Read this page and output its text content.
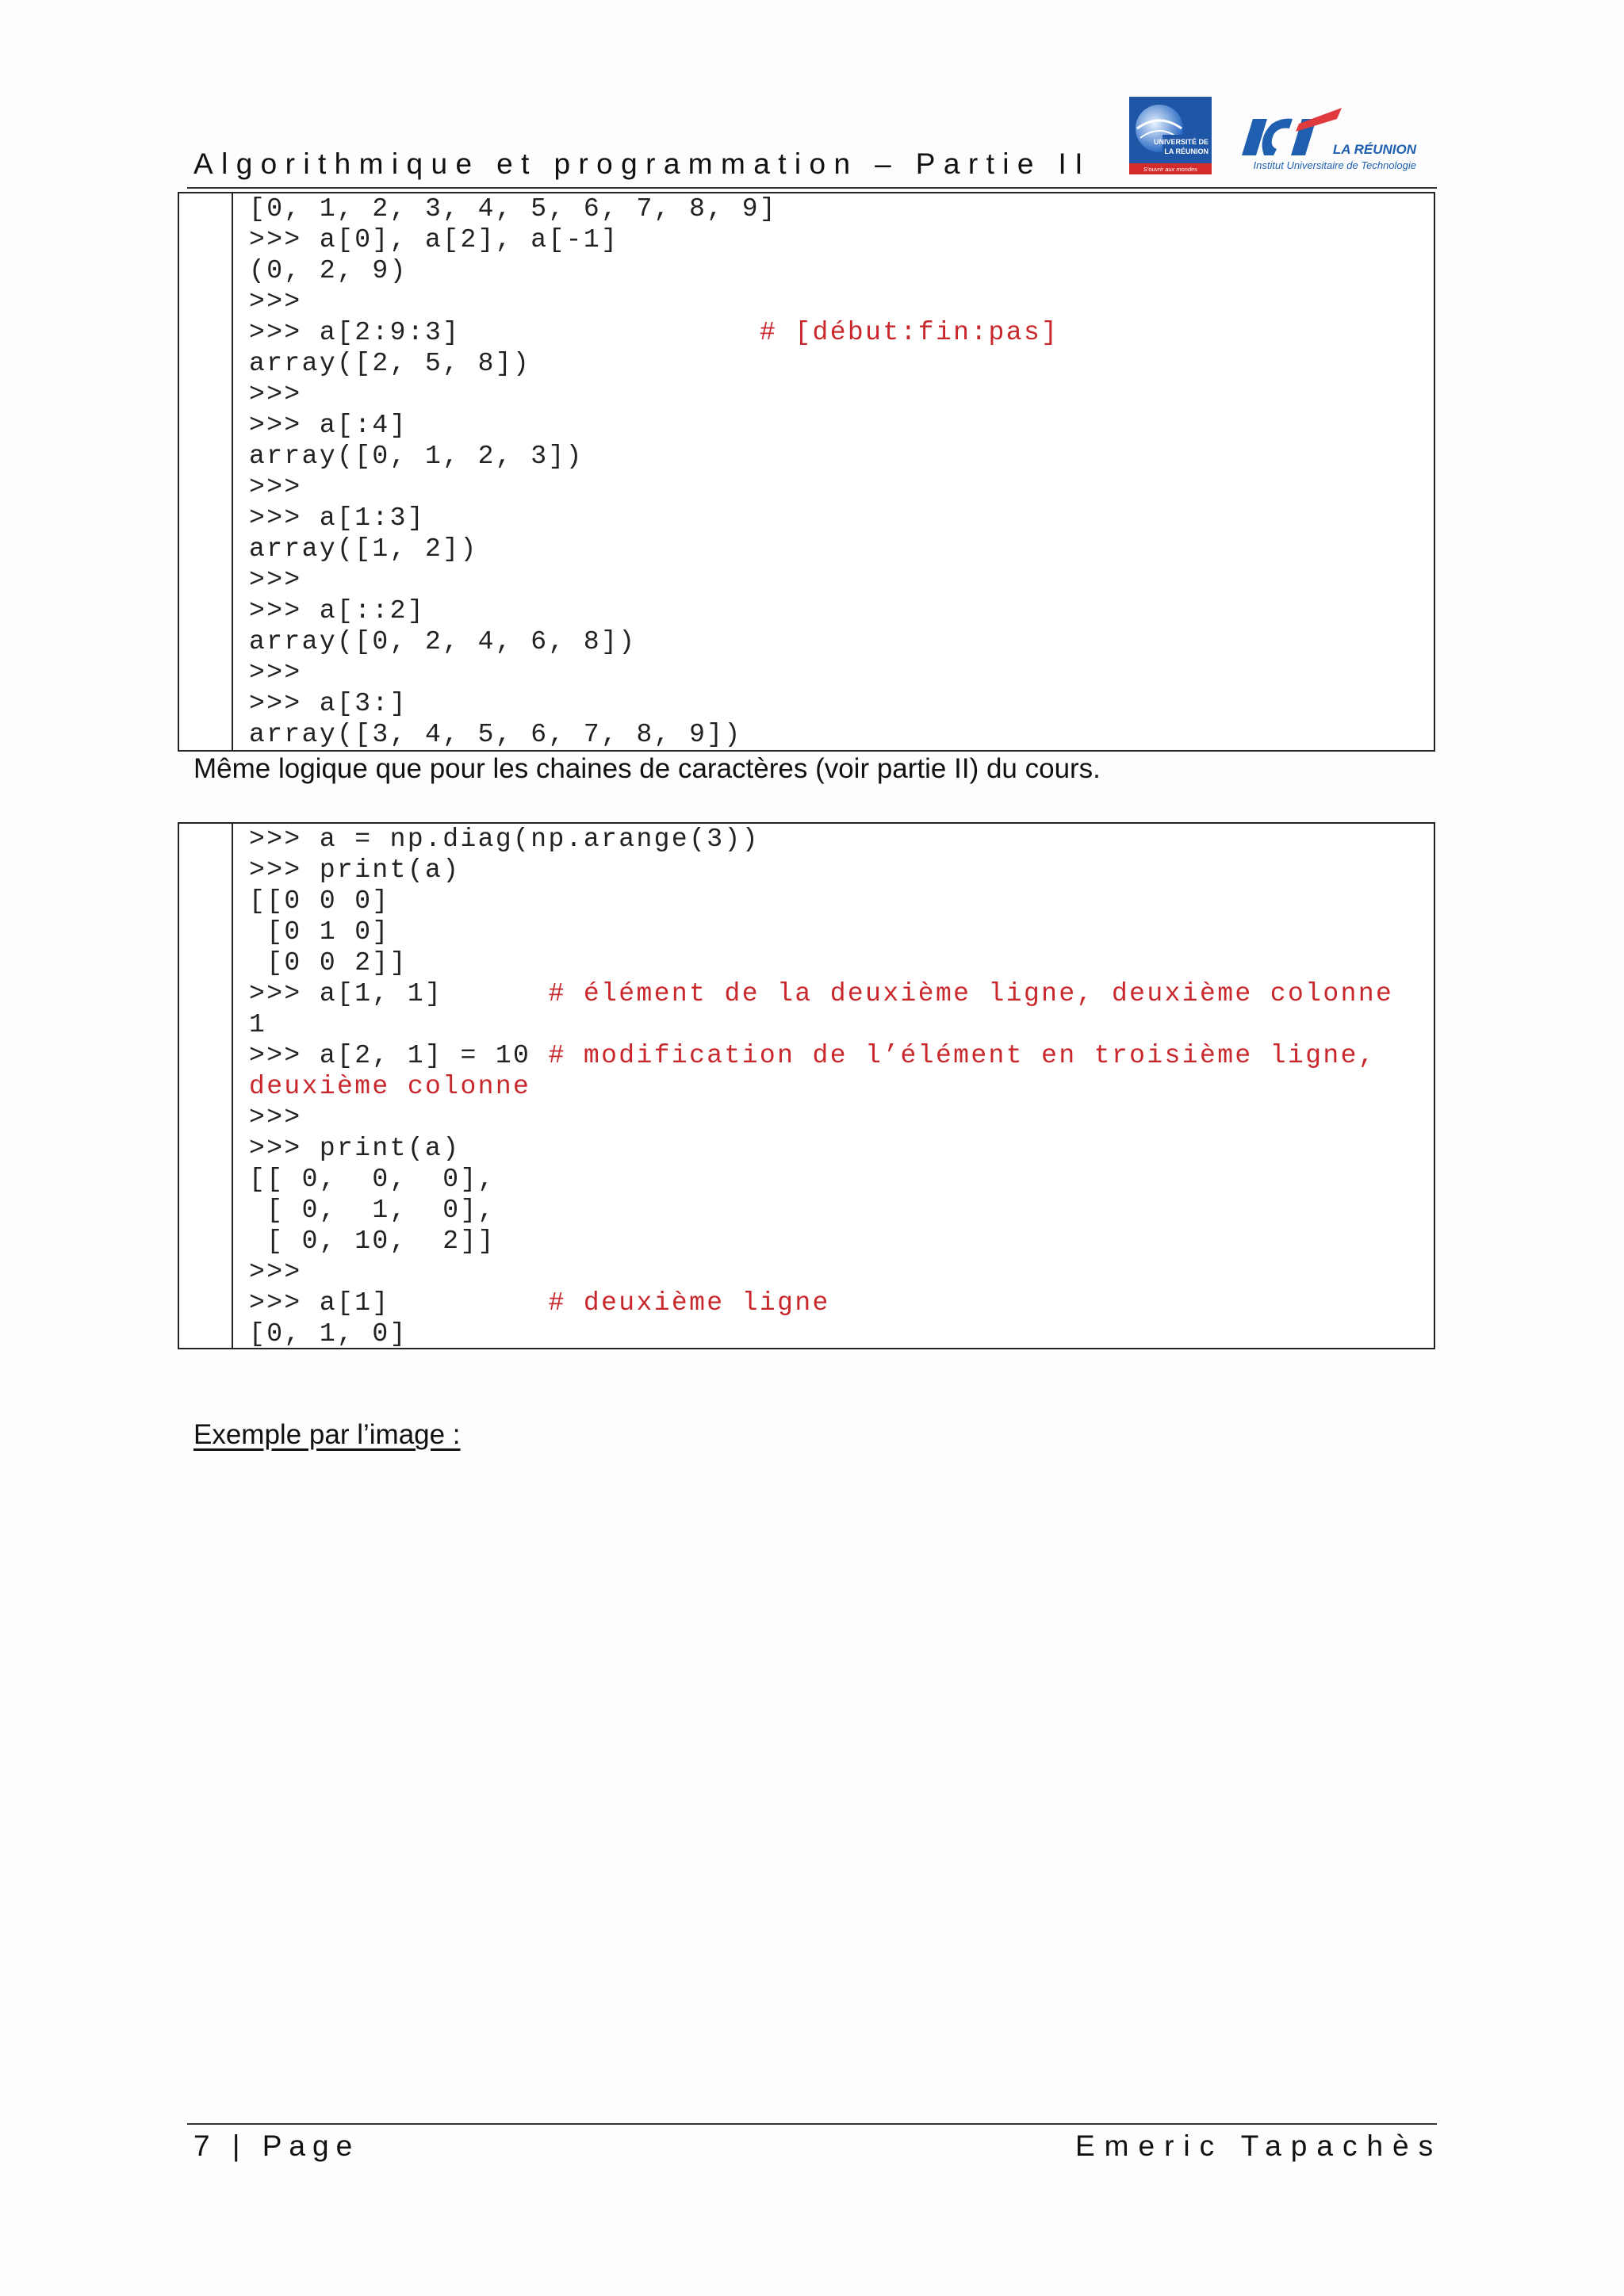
Algorithmique et programmation – Partie II
UNIVERSITÉ DE
LA RÉUNION
S'ouvrir aux mondes
LA RÉUNION
Institut Universitaire de Technologie
[0, 1, 2, 3, 4, 5, 6, 7, 8, 9]
>>> a[0], a[2], a[-1]
(0, 2, 9)
>>>
>>> a[2:9:3]                 # [début:fin:pas]
array([2, 5, 8])
>>>
>>> a[:4]
array([0, 1, 2, 3])
>>>
>>> a[1:3]
array([1, 2])
>>>
>>> a[::2]
array([0, 2, 4, 6, 8])
>>>
>>> a[3:]
array([3, 4, 5, 6, 7, 8, 9])
Même logique que pour les chaines de caractères (voir partie II) du cours.
>>> a = np.diag(np.arange(3))
>>> print(a)
[[0 0 0]
[0 1 0]
[0 0 2]]
>>> a[1, 1]      # élément de la deuxième ligne, deuxième colonne
1
>>> a[2, 1] = 10 # modification de l’élément en troisième ligne,
deuxième colonne
>>>
>>> print(a)
[[ 0,  0,  0],
[ 0,  1,  0],
[ 0, 10,  2]]
>>>
>>> a[1]         # deuxième ligne
[0, 1, 0]
Exemple par l’image :
7 | Page	Emeric Tapachès
